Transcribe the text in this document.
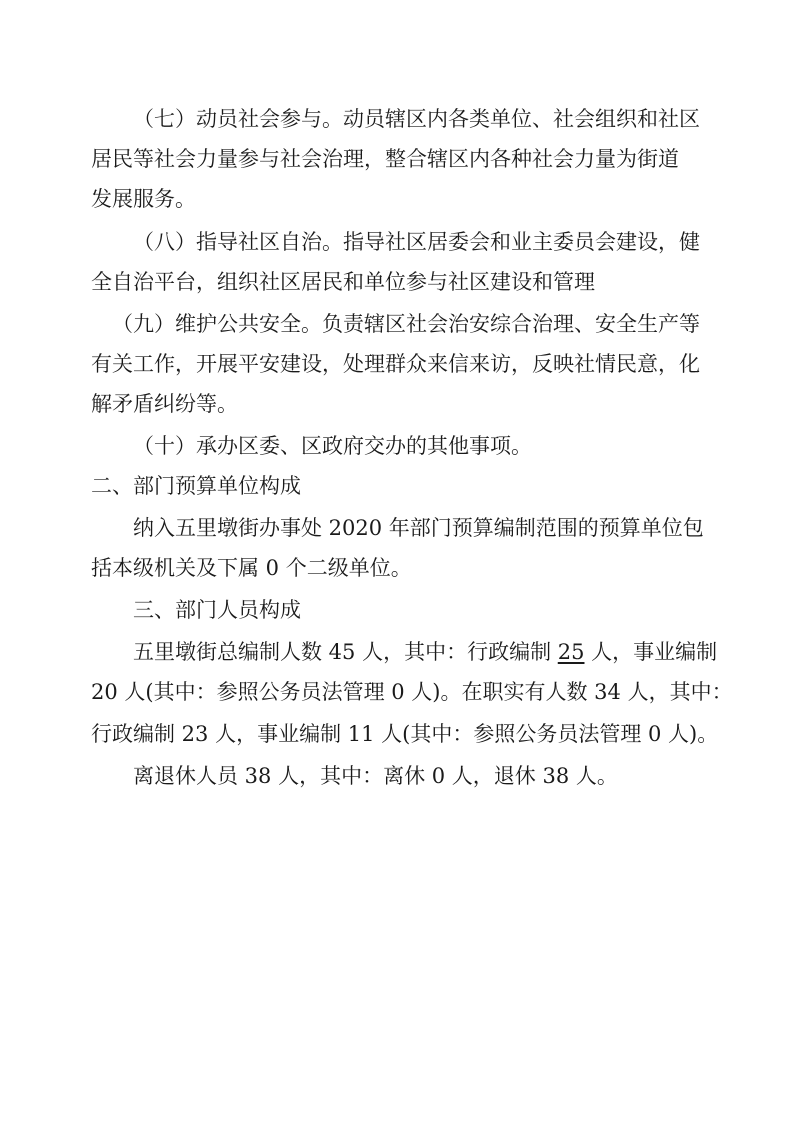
（七）动员社会参与。动员辖区内各类单位、社会组织和社区
居民等社会力量参与社会治理，整合辖区内各种社会力量为街道
发展服务。
（八）指导社区自治。指导社区居委会和业主委员会建设，健
全自治平台，组织社区居民和单位参与社区建设和管理
（九）维护公共安全。负责辖区社会治安综合治理、安全生产等
有关工作，开展平安建设，处理群众来信来访，反映社情民意，化
解矛盾纠纷等。
（十）承办区委、区政府交办的其他事项。
二、部门预算单位构成
纳入五里墩街办事处 2020 年部门预算编制范围的预算单位包
括本级机关及下属 0 个二级单位。
三、部门人员构成
五里墩街总编制人数 45 人，其中：行政编制 25 人，事业编制
20 人(其中：参照公务员法管理 0 人)。在职实有人数 34 人，其中：
行政编制 23 人，事业编制 11 人(其中：参照公务员法管理 0 人)。
离退休人员 38 人，其中：离休 0 人，退休 38 人。
